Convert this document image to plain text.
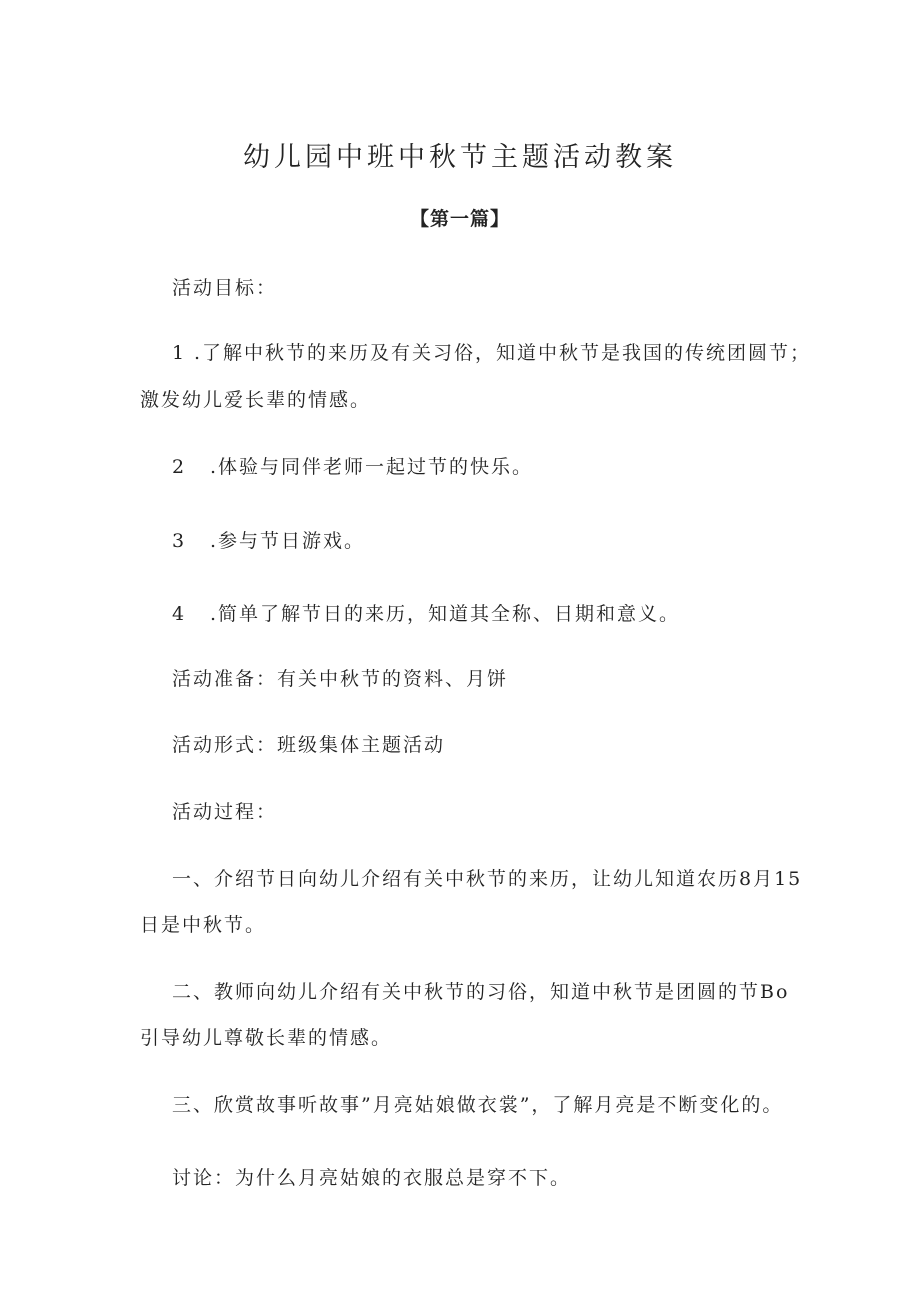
幼儿园中班中秋节主题活动教案
【第一篇】
活动目标：
1 .了解中秋节的来历及有关习俗，知道中秋节是我国的传统团圆节；
激发幼儿爱长辈的情感。
2 .体验与同伴老师一起过节的快乐。
3 .参与节日游戏。
4 .简单了解节日的来历，知道其全称、日期和意义。
活动准备：有关中秋节的资料、月饼
活动形式：班级集体主题活动
活动过程：
一、介绍节日向幼儿介绍有关中秋节的来历，让幼儿知道农历8月15
日是中秋节。
二、教师向幼儿介绍有关中秋节的习俗，知道中秋节是团圆的节Bo
引导幼儿尊敬长辈的情感。
三、欣赏故事听故事”月亮姑娘做衣裳”，了解月亮是不断变化的。
讨论：为什么月亮姑娘的衣服总是穿不下。
